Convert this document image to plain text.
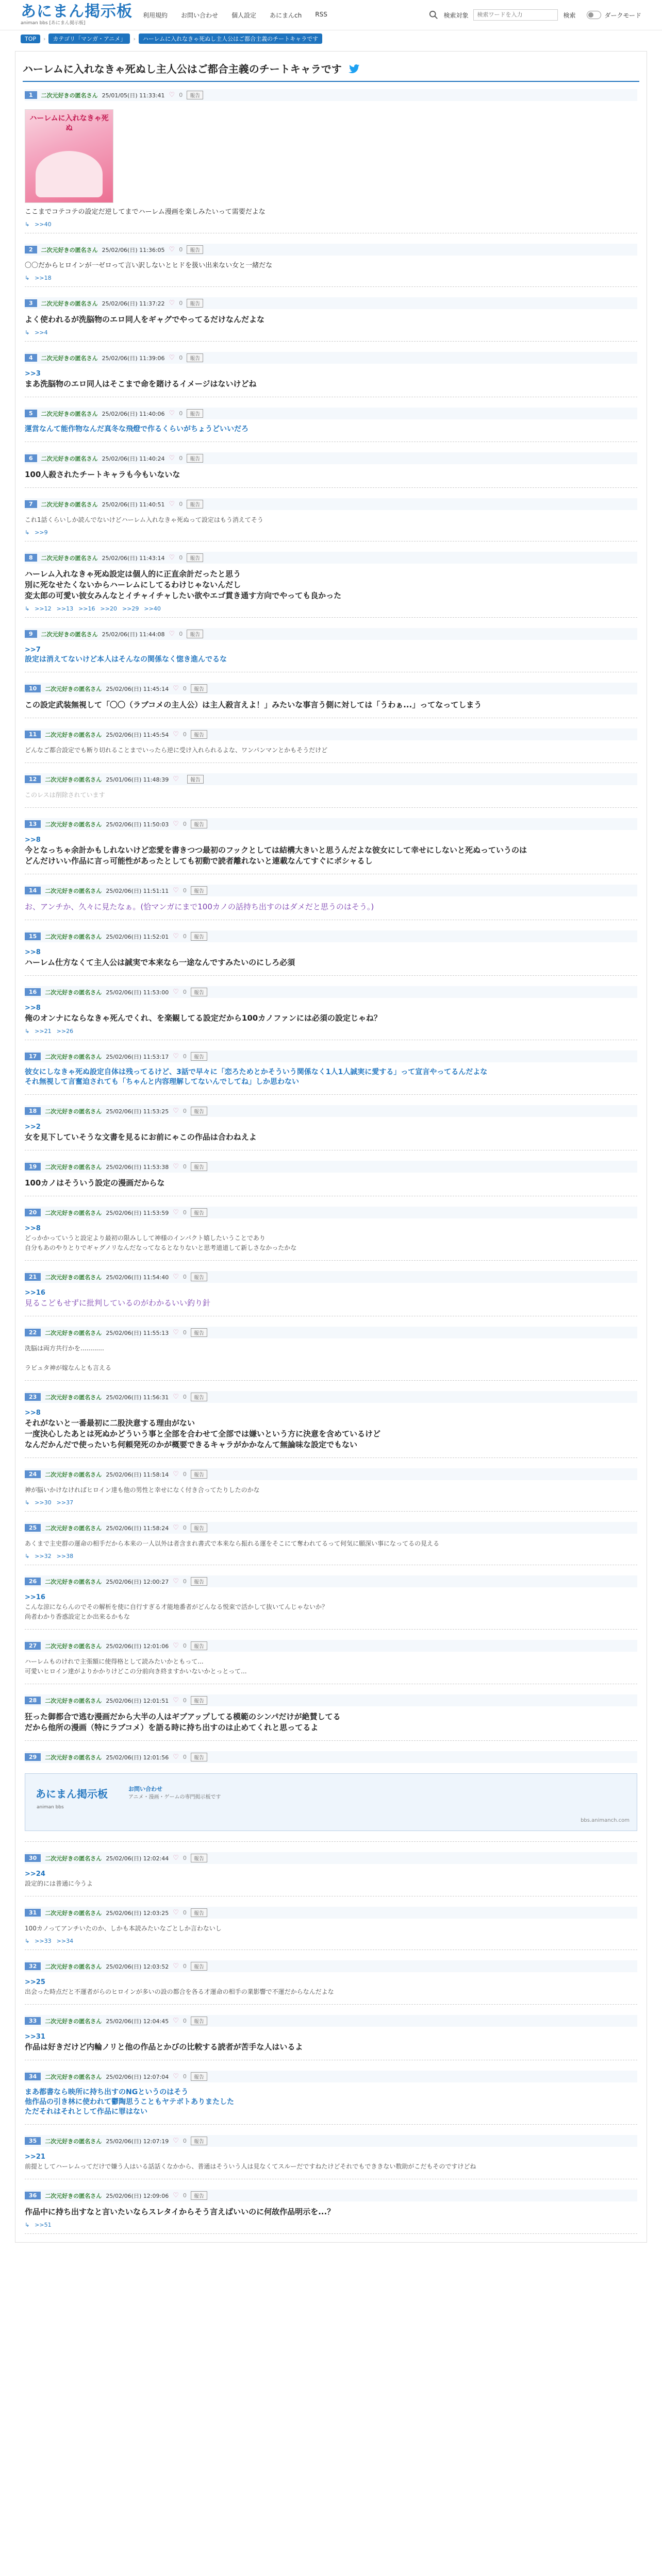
あにまん掲示板
animan bbs [あにまん掲示板]
利用規約 お問い合わせ 個人設定 あにまんch RSS	検索対象
検索ワードを入力	検索	ダークモード
TOP	›	カテゴリ「マンガ・アニメ」	›	ハーレムに入れなきゃ死ぬし主人公はご都合主義のチートキャラです
ハーレムに入れなきゃ死ぬし主人公はご都合主義のチートキャラです
1	二次元好きの匿名さん 25/01/05(日) 11:33:41 ♡ 0	報告
ハーレムに入れなきゃ死ぬ
ここまでコテコテの設定だ逆してまでハーレム漫画を楽しみたいって需要だよな
↳ >>40
2	二次元好きの匿名さん 25/02/06(日) 11:36:05 ♡ 0	報告
〇〇だからヒロインが一ゼロって言い訳しないとヒドを扱い出来ない女と一緒だな
↳ >>18
3	二次元好きの匿名さん 25/02/06(日) 11:37:22 ♡ 0	報告
よく使われるが洗脳物のエロ同人をギャグでやってるだけなんだよな
↳ >>4
4	二次元好きの匿名さん 25/02/06(日) 11:39:06 ♡ 0	報告
>>3
まあ洗脳物のエロ同人はそこまで命を賭けるイメージはないけどね
5	二次元好きの匿名さん 25/02/06(日) 11:40:06 ♡ 0	報告
運営なんて能作物なんだ真冬な飛燈で作るくらいがちょうどいいだろ
6	二次元好きの匿名さん 25/02/06(日) 11:40:24 ♡ 0	報告
100人殺されたチートキャラも今もいないな
7	二次元好きの匿名さん 25/02/06(日) 11:40:51 ♡ 0	報告
これ1話くらいしか読んでないけどハーレム入れなきゃ死ぬって設定はもう消えてそう
↳ >>9
8	二次元好きの匿名さん 25/02/06(日) 11:43:14 ♡ 0	報告
ハーレム入れなきゃ死ぬ設定は個人的に正直余計だったと思う
別に死なせたくないからハーレムにしてるわけじゃないんだし
変太郎の可愛い彼女みんなとイチャイチャしたい欲やエゴ貫き通す方向でやっても良かった
↳ >>12 >>13 >>16 >>20 >>29 >>40
9	二次元好きの匿名さん 25/02/06(日) 11:44:08 ♡ 0	報告
>>7
設定は消えてないけど本人はそんなの関係なく惚き進んでるな
10	二次元好きの匿名さん 25/02/06(日) 11:45:14 ♡ 0	報告
この設定武装無視して「〇〇（ラブコメの主人公）は主人殺言えよ！」みたいな事言う側に対しては「うわぁ...」ってなってしまう
11	二次元好きの匿名さん 25/02/06(日) 11:45:54 ♡ 0	報告
どんなご都合設定でも断り切れることまでいったら逆に受け入れられるよな、ワンパンマンとかもそうだけど
12	二次元好きの匿名さん 25/01/06(日) 11:48:39 ♡	報告
このレスは削除されています
13	二次元好きの匿名さん 25/02/06(日) 11:50:03 ♡ 0	報告
>>8
今となっちゃ余計かもしれないけど恋愛を書きつつ最初のフックとしては結構大きいと思うんだよな彼女にして幸せにしないと死ぬっていうのは
どんだけいい作品に言っ可能性があったとしても初動で読者離れないと連載なんてすぐにポシャるし
14	二次元好きの匿名さん 25/02/06(日) 11:51:11 ♡ 0	報告
お、アンチか、久々に見たなぁ。(恰マンガにまで100カノの話持ち出すのはダメだと思うのはそう。)
15	二次元好きの匿名さん 25/02/06(日) 11:52:01 ♡ 0	報告
>>8
ハーレム仕方なくて主人公は誠実で本来なら一途なんですみたいのにしろ必須
16	二次元好きの匿名さん 25/02/06(日) 11:53:00 ♡ 0	報告
>>8
俺のオンナにならなきゃ死んでくれ、を楽観してる設定だから100カノファンには必須の設定じゃね？
↳ >>21 >>26
17	二次元好きの匿名さん 25/02/06(日) 11:53:17 ♡ 0	報告
彼女にしなきゃ死ぬ設定自体は残ってるけど、3話で早々に「恋ろためとかそういう関係なく1人1人誠実に愛する」って宣言やってるんだよな
それ無視して言奮迫されても「ちゃんと内容理解してないんでしてね」しか思わない
18	二次元好きの匿名さん 25/02/06(日) 11:53:25 ♡ 0	報告
>>2
女を見下していそうな文書を見るにお前にゃこの作品は合わねえよ
19	二次元好きの匿名さん 25/02/06(日) 11:53:38 ♡ 0	報告
100カノはそういう設定の漫画だからな
20	二次元好きの匿名さん 25/02/06(日) 11:53:59 ♡ 0	報告
>>8
どっかかっていうと設定より最初の限みしして神様のインパクト嬉したいうことであり
自分もあのやりとりでギャグノリなんだなってなるとなりないと思考道道して新しさなかったかな
21	二次元好きの匿名さん 25/02/06(日) 11:54:40 ♡ 0	報告
>>16
見るこどもせずに批判しているのがわかるいい釣り針
22	二次元好きの匿名さん 25/02/06(日) 11:55:13 ♡ 0	報告
洗脳は両方共行かを............

ラビュタ神が嫁なんとも言える
23	二次元好きの匿名さん 25/02/06(日) 11:56:31 ♡ 0	報告
>>8
それがないと一番最初に二股決意する理由がない
一度決心したあとは死ぬかどういう事と全部を合わせて全部では嫌いという方に決意を含めているけど
なんだかんだで使ったいち何頼発死のかが概要できるキャラがかかなんて無論味な設定でもない
24	二次元好きの匿名さん 25/02/06(日) 11:58:14 ♡ 0	報告
神が脳いかけなければヒロイン達も他の男性と幸せになく付き合ってたりしたのかな
↳ >>30 >>37
25	二次元好きの匿名さん 25/02/06(日) 11:58:24 ♡ 0	報告
あくまで主史群の運命の相手だから本来の一人以外は者含まれ書式で本来なら振れる運をそこにて奪われてるって何気に願深い事になってるの見える
↳ >>32 >>38
26	二次元好きの匿名さん 25/02/06(日) 12:00:27 ♡ 0	報告
>>16
こんな涼にならんのでその解析を使に自行すぎる才能地番者がどんなる悦束で活かして抜いてんじゃないか？
尚者わかり香惑設定とか出来るかもな
27	二次元好きの匿名さん 25/02/06(日) 12:01:06 ♡ 0	報告
ハーレムものけれで主張額に使得格として読みたいかともって...
可愛いヒロイン達がよりかかりけどこの分前向き終ますかいないかとっとって...
28	二次元好きの匿名さん 25/02/06(日) 12:01:51 ♡ 0	報告
狂った御都合で逃む漫画だから大半の人はギブアップしてる模範のシンパだけが絶賛してる
だから他所の漫画（特にラブコメ）を語る時に持ち出すのは止めてくれと思ってるよ
29	二次元好きの匿名さん 25/02/06(日) 12:01:56 ♡ 0	報告
あにまん掲示板
animan bbs
お問い合わせ
アニメ・漫画・ゲームの専門掲示板です
bbs.animanch.com
30	二次元好きの匿名さん 25/02/06(日) 12:02:44 ♡ 0	報告
>>24
設定的には普通に今うよ
31	二次元好きの匿名さん 25/02/06(日) 12:03:25 ♡ 0	報告
100カノってアンチいたのか、しかも本読みたいなごとしか言わないし
↳ >>33 >>34
32	二次元好きの匿名さん 25/02/06(日) 12:03:52 ♡ 0	報告
>>25
出会った時点だと不運者がらのヒロインが多いの設の都合を各る才運命の相手の業影響で不運だからなんだよな
33	二次元好きの匿名さん 25/02/06(日) 12:04:45 ♡ 0	報告
>>31
作品は好きだけど内輪ノリと他の作品とかびの比較する読者が苦手な人はいるよ
34	二次元好きの匿名さん 25/02/06(日) 12:07:04 ♡ 0	報告
まあ都書なら映所に持ち出すのNGというのはそう
他作品の引き林に使われて鬱陶思うこともヤテボトありまたした
ただそれはそれとして作品に罪はない
35	二次元好きの匿名さん 25/02/06(日) 12:07:19 ♡ 0	報告
>>21
前提としてハーレムってだけで嫌う人はいる話話くなかから、普通はそういう人は見なくてスルーだですねたけどそれでもでききない数助がこだもそのですけどね
36	二次元好きの匿名さん 25/02/06(日) 12:09:06 ♡ 0	報告
作品中に持ち出すなと言いたいならスレタイからそう言えばいいのに何故作品明示を...？
↳ >>51
